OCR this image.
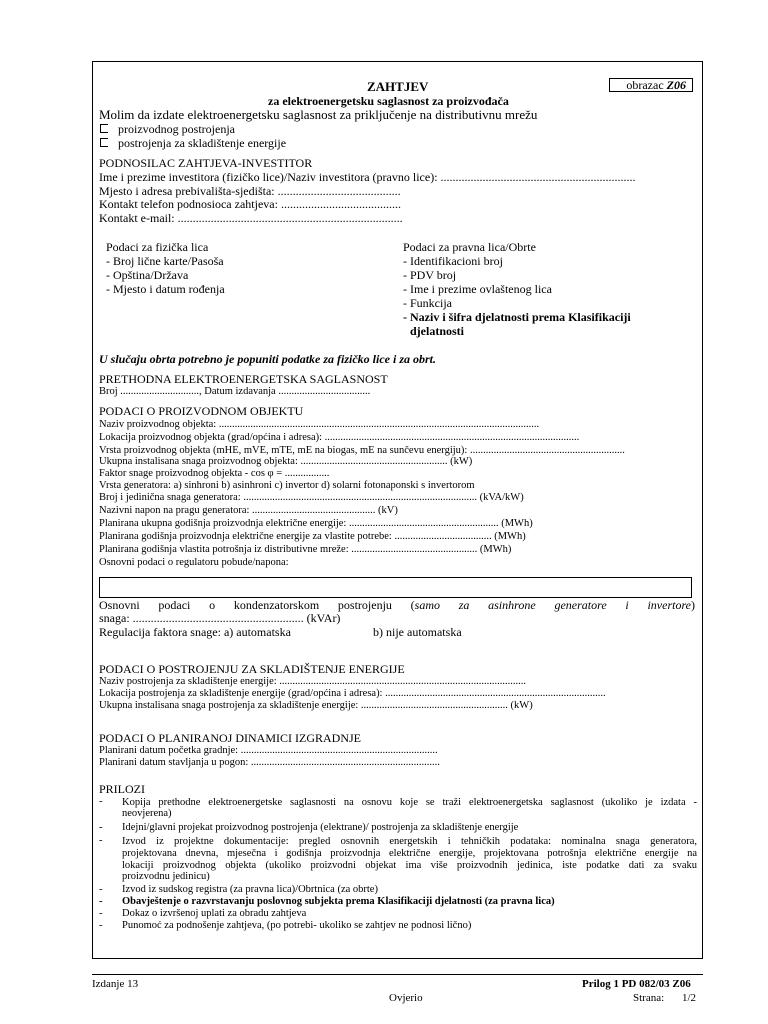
ZAHTJEV	obrazac Z06
za elektroenergetsku saglasnost za proizvođača
Molim da izdate elektroenergetsku saglasnost za priključenje na distributivnu mrežu
proizvodnog postrojenja
postrojenja za skladištenje energije
PODNOSILAC ZAHTJEVA-INVESTITOR
Ime i prezime investitora (fizičko lice)/Naziv investitora (pravno lice): .................................................................
Mjesto i adresa prebivališta-sjedišta: .........................................
Kontakt telefon podnosioca zahtjeva: ........................................
Kontakt e-mail: ...........................................................................
Podaci za fizička lica
- Broj lične karte/Pasoša
- Opština/Država
- Mjesto i datum rođenja
Podaci za pravna lica/Obrte
- Identifikacioni broj
- PDV broj
- Ime i prezime ovlaštenog lica
- Funkcija
- Naziv i šifra djelatnosti prema Klasifikaciji
djelatnosti
U slučaju obrta potrebno je popuniti podatke za fizičko lice i za obrt.
PRETHODNA ELEKTROENERGETSKA SAGLASNOST
Broj .............................., Datum izdavanja ...................................
PODACI O PROIZVODNOM OBJEKTU
Naziv proizvodnog objekta: ..........................................................................................................................
Lokacija proizvodnog objekta (grad/općina i adresa): .................................................................................................
Vrsta proizvodnog objekta (mHE, mVE, mTE, mE na biogas, mE na sunčevu energiju): ...........................................................
Ukupna instalisana snaga proizvodnog objekta: ........................................................ (kW)
Faktor snage proizvodnog objekta - cos φ = .................
Vrsta generatora: a) sinhroni b) asinhroni c) invertor d) solarni fotonaponski s invertorom
Broj i jedinična snaga generatora: ......................................................................................... (kVA/kW)
Nazivni napon na pragu generatora: ............................................... (kV)
Planirana ukupna godišnja proizvodnja električne energije: ......................................................... (MWh)
Planirana godišnja proizvodnja električne energije za vlastite potrebe: ..................................... (MWh)
Planirana godišnja vlastita potrošnja iz distributivne mreže: ................................................ (MWh)
Osnovni podaci o regulatoru pobude/napona:
Osnovni podaci o kondenzatorskom postrojenju (samo za asinhrone generatore i invertore)
snaga: ......................................................... (kVAr)
Regulacija faktora snage: a) automatska	b) nije automatska
PODACI O POSTROJENJU ZA SKLADIŠTENJE ENERGIJE
Naziv postrojenja za skladištenje energije: ..............................................................................................
Lokacija postrojenja za skladištenje energije (grad/općina i adresa): ....................................................................................
Ukupna instalisana snaga postrojenja za skladištenje energije: ........................................................ (kW)
PODACI O PLANIRANOJ DINAMICI IZGRADNJE
Planirani datum početka gradnje: ...........................................................................
Planirani datum stavljanja u pogon: ........................................................................
PRILOZI
- Kopija prethodne elektroenergetske saglasnosti na osnovu koje se traži elektroenergetska saglasnost (ukoliko je izdata -
neovjerena)
- Idejni/glavni projekat proizvodnog postrojenja (elektrane)/ postrojenja za skladištenje energije
- Izvod iz projektne dokumentacije: pregled osnovnih energetskih i tehničkih podataka: nominalna snaga generatora,
projektovana dnevna, mjesečna i godišnja proizvodnja električne energije, projektovana potrošnja električne energije na
lokaciji proizvodnog objekta (ukoliko proizvodni objekat ima više proizvodnih jedinica, iste podatke dati za svaku
proizvodnu jedinicu)
- Izvod iz sudskog registra (za pravna lica)/Obrtnica (za obrte)
- Obavještenje o razvrstavanju poslovnog subjekta prema Klasifikaciji djelatnosti (za pravna lica)
- Dokaz o izvršenoj uplati za obradu zahtjeva
- Punomoć za podnošenje zahtjeva, (po potrebi- ukoliko se zahtjev ne podnosi lično)
Izdanje 13	Prilog 1 PD 082/03 Z06
Ovjerio	Strana: 1/2
